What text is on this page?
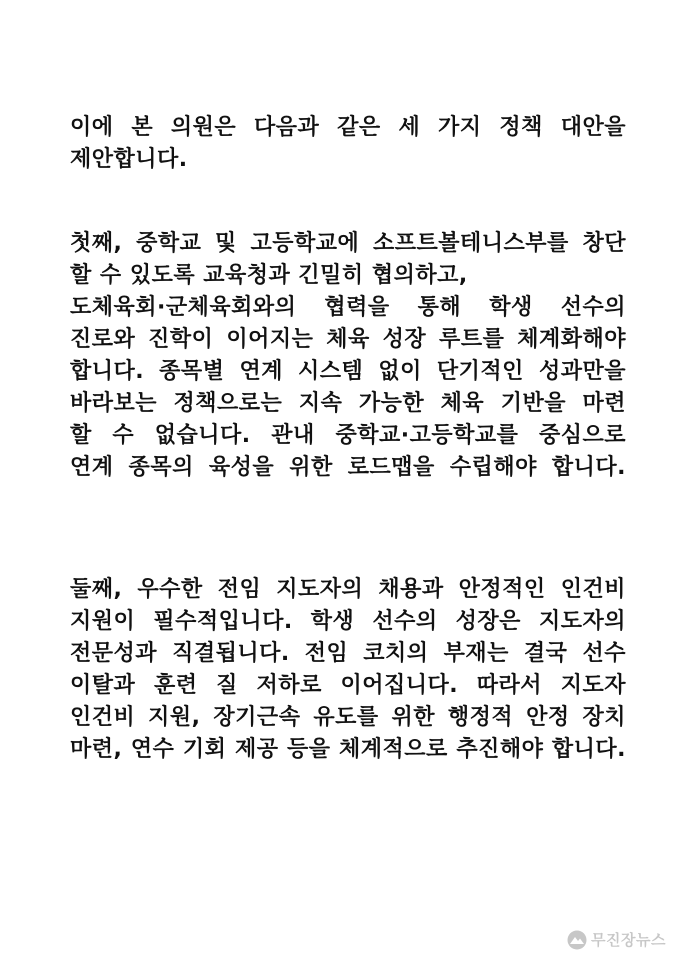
이에 본 의원은 다음과 같은 세 가지 정책 대안을
제안합니다.

첫째, 중학교 및 고등학교에 소프트볼테니스부를 창단
할 수 있도록 교육청과 긴밀히 협의하고,
도체육회·군체육회와의 협력을 통해 학생 선수의
진로와 진학이 이어지는 체육 성장 루트를 체계화해야
합니다. 종목별 연계 시스템 없이 단기적인 성과만을
바라보는 정책으로는 지속 가능한 체육 기반을 마련
할 수 없습니다. 관내 중학교·고등학교를 중심으로
연계 종목의 육성을 위한 로드맵을 수립해야 합니다.

둘째, 우수한 전임 지도자의 채용과 안정적인 인건비
지원이 필수적입니다. 학생 선수의 성장은 지도자의
전문성과 직결됩니다. 전임 코치의 부재는 결국 선수
이탈과 훈련 질 저하로 이어집니다. 따라서 지도자
인건비 지원, 장기근속 유도를 위한 행정적 안정 장치
마련, 연수 기회 제공 등을 체계적으로 추진해야 합니다.

무진장뉴스
